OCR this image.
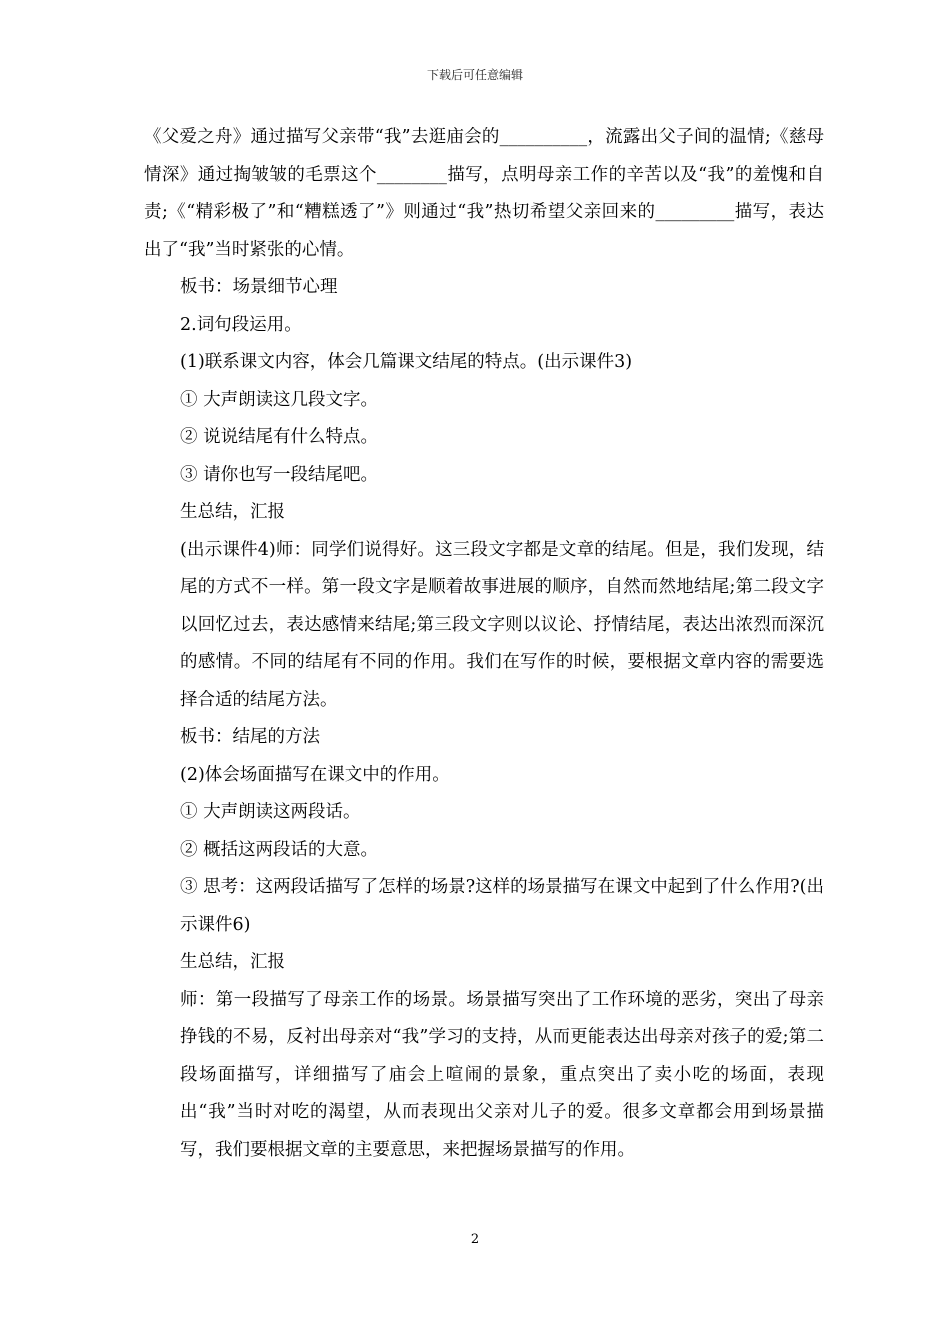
下载后可任意编辑

《父爱之舟》通过描写父亲带“我”去逛庙会的__________，流露出父子间的温情;《慈母情深》通过掏皱皱的毛票这个________描写，点明母亲工作的辛苦以及“我”的羞愧和自责;《“精彩极了”和“糟糕透了”》则通过“我”热切希望父亲回来的_________描写，表达出了“我”当时紧张的心情。

板书：场景细节心理

2.词句段运用。

(1)联系课文内容，体会几篇课文结尾的特点。(出示课件3)

① 大声朗读这几段文字。

② 说说结尾有什么特点。

③ 请你也写一段结尾吧。

生总结，汇报

(出示课件4)师：同学们说得好。这三段文字都是文章的结尾。但是，我们发现，结尾的方式不一样。第一段文字是顺着故事进展的顺序，自然而然地结尾;第二段文字以回忆过去，表达感情来结尾;第三段文字则以议论、抒情结尾，表达出浓烈而深沉的感情。不同的结尾有不同的作用。我们在写作的时候，要根据文章内容的需要选择合适的结尾方法。

板书：结尾的方法

(2)体会场面描写在课文中的作用。

① 大声朗读这两段话。

② 概括这两段话的大意。

③ 思考：这两段话描写了怎样的场景?这样的场景描写在课文中起到了什么作用?(出示课件6)

生总结，汇报

师：第一段描写了母亲工作的场景。场景描写突出了工作环境的恶劣，突出了母亲挣钱的不易，反衬出母亲对“我”学习的支持，从而更能表达出母亲对孩子的爱;第二段场面描写，详细描写了庙会上喧闹的景象，重点突出了卖小吃的场面，表现出“我”当时对吃的渴望，从而表现出父亲对儿子的爱。很多文章都会用到场景描写，我们要根据文章的主要意思，来把握场景描写的作用。

2
